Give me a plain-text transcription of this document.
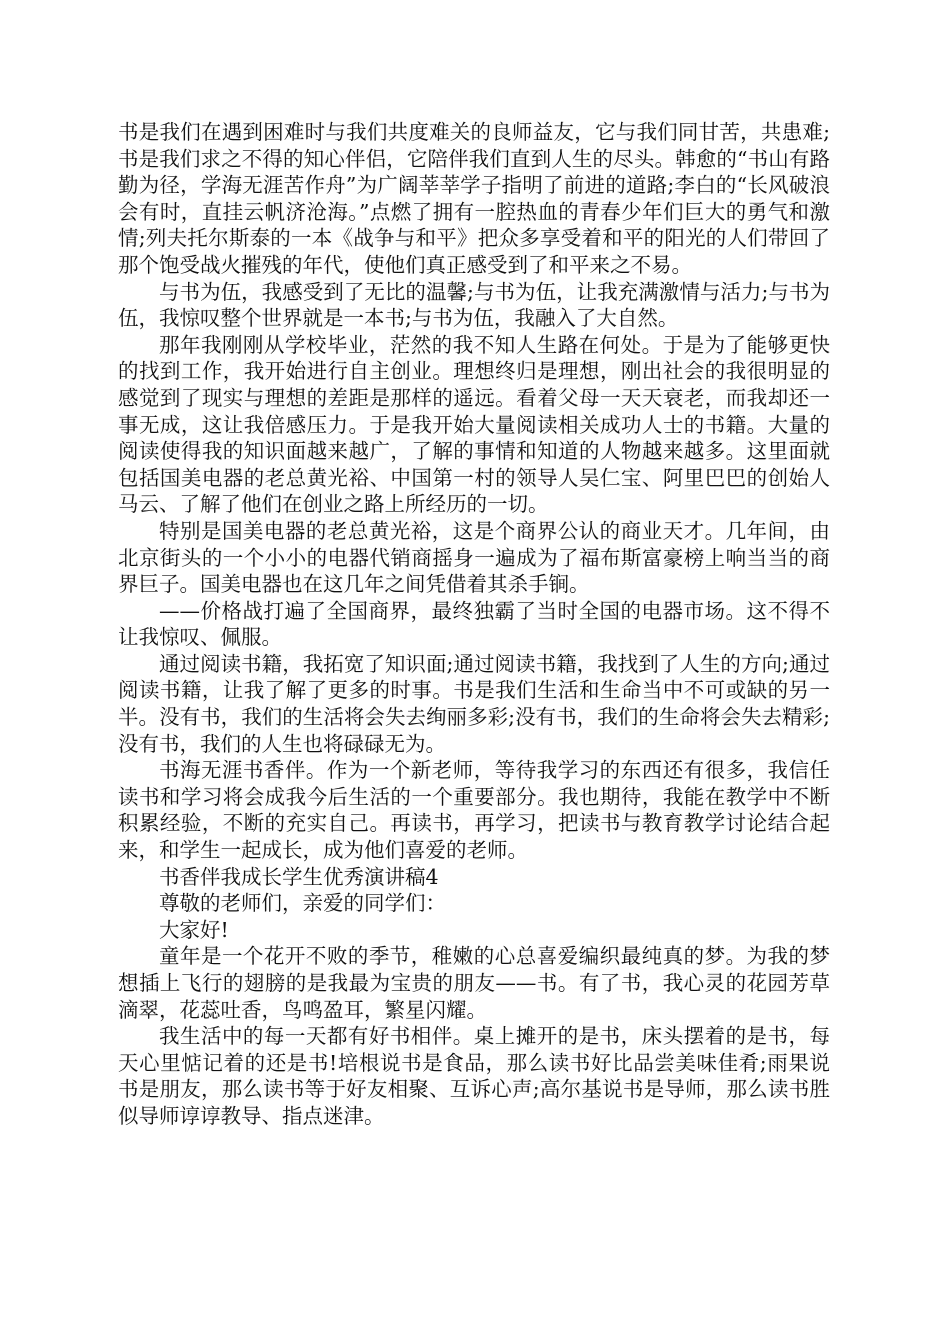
书是我们在遇到困难时与我们共度难关的良师益友，它与我们同甘苦，共患难;书是我们求之不得的知心伴侣，它陪伴我们直到人生的尽头。韩愈的“书山有路勤为径，学海无涯苦作舟”为广阔莘莘学子指明了前进的道路;李白的“长风破浪会有时，直挂云帆济沧海。”点燃了拥有一腔热血的青春少年们巨大的勇气和激情;列夫托尔斯泰的一本《战争与和平》把众多享受着和平的阳光的人们带回了那个饱受战火摧残的年代，使他们真正感受到了和平来之不易。

与书为伍，我感受到了无比的温馨;与书为伍，让我充满激情与活力;与书为伍，我惊叹整个世界就是一本书;与书为伍，我融入了大自然。

那年我刚刚从学校毕业，茫然的我不知人生路在何处。于是为了能够更快的找到工作，我开始进行自主创业。理想终归是理想，刚出社会的我很明显的感觉到了现实与理想的差距是那样的遥远。看着父母一天天衰老，而我却还一事无成，这让我倍感压力。于是我开始大量阅读相关成功人士的书籍。大量的阅读使得我的知识面越来越广，了解的事情和知道的人物越来越多。这里面就包括国美电器的老总黄光裕、中国第一村的领导人吴仁宝、阿里巴巴的创始人马云、了解了他们在创业之路上所经历的一切。

特别是国美电器的老总黄光裕，这是个商界公认的商业天才。几年间，由北京街头的一个小小的电器代销商摇身一遍成为了福布斯富豪榜上响当当的商界巨子。国美电器也在这几年之间凭借着其杀手锏。

——价格战打遍了全国商界，最终独霸了当时全国的电器市场。这不得不让我惊叹、佩服。

通过阅读书籍，我拓宽了知识面;通过阅读书籍，我找到了人生的方向;通过阅读书籍，让我了解了更多的时事。书是我们生活和生命当中不可或缺的另一半。没有书，我们的生活将会失去绚丽多彩;没有书，我们的生命将会失去精彩;没有书，我们的人生也将碌碌无为。

书海无涯书香伴。作为一个新老师，等待我学习的东西还有很多，我信任读书和学习将会成我今后生活的一个重要部分。我也期待，我能在教学中不断积累经验，不断的充实自己。再读书，再学习，把读书与教育教学讨论结合起来，和学生一起成长，成为他们喜爱的老师。

书香伴我成长学生优秀演讲稿4

尊敬的老师们，亲爱的同学们：

大家好!

童年是一个花开不败的季节，稚嫩的心总喜爱编织最纯真的梦。为我的梦想插上飞行的翅膀的是我最为宝贵的朋友——书。有了书，我心灵的花园芳草滴翠，花蕊吐香，鸟鸣盈耳，繁星闪耀。

我生活中的每一天都有好书相伴。桌上摊开的是书，床头摆着的是书，每天心里惦记着的还是书!培根说书是食品，那么读书好比品尝美味佳肴;雨果说书是朋友，那么读书等于好友相聚、互诉心声;高尔基说书是导师，那么读书胜似导师谆谆教导、指点迷津。
